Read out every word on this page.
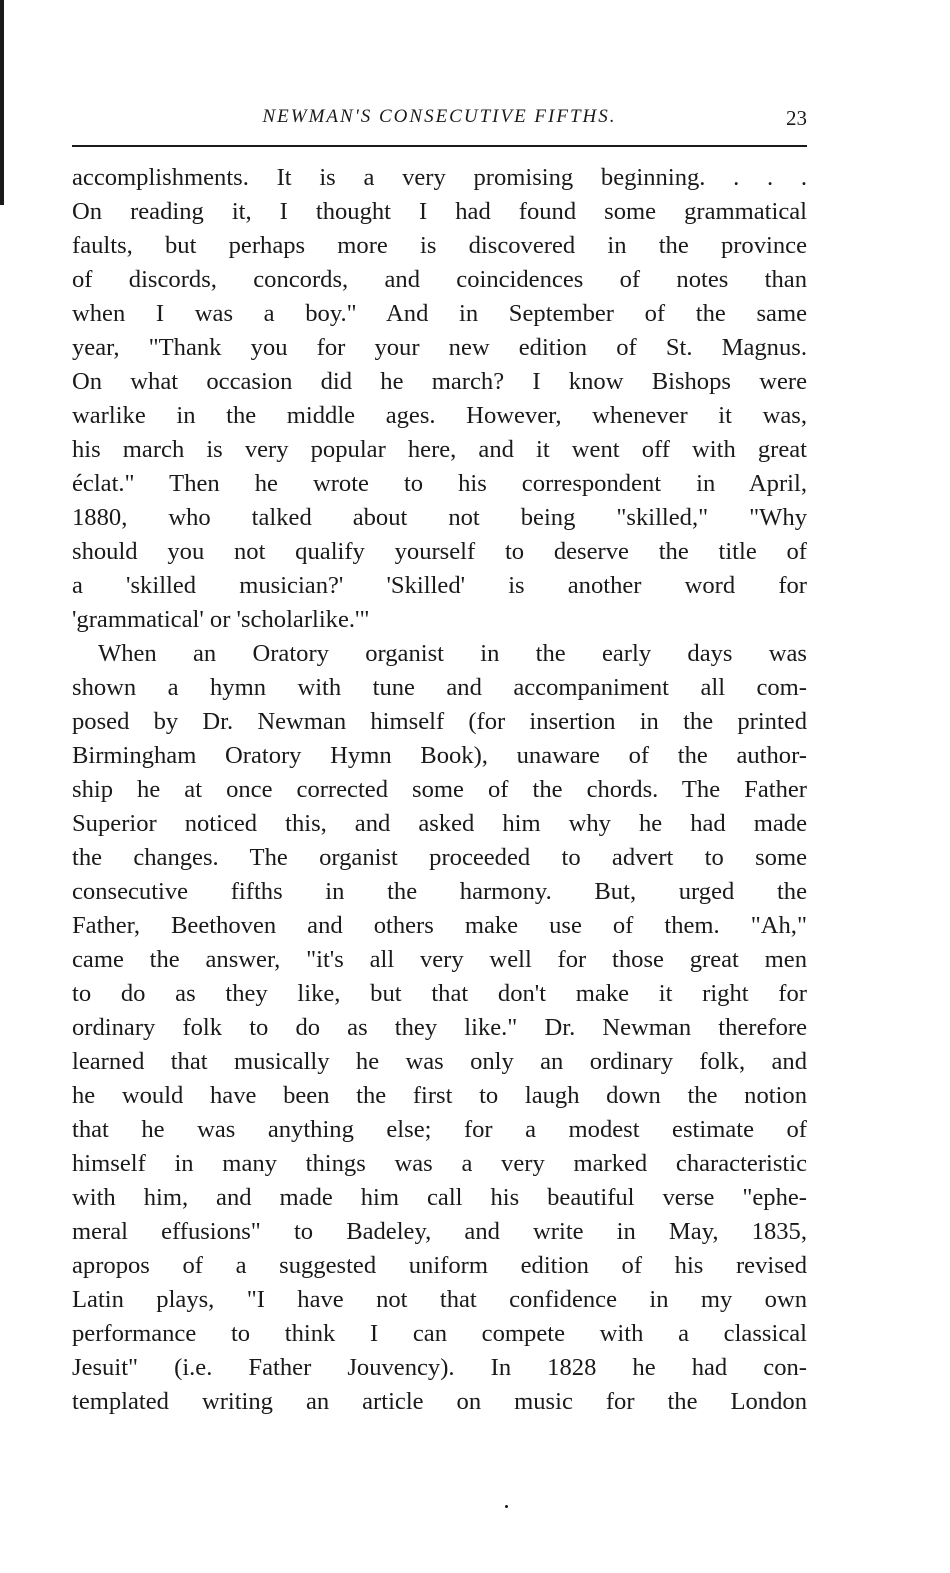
NEWMAN'S CONSECUTIVE FIFTHS.	23
accomplishments. It is a very promising beginning. . . .
On reading it, I thought I had found some grammatical
faults, but perhaps more is discovered in the province
of discords, concords, and coincidences of notes than
when I was a boy." And in September of the same
year, "Thank you for your new edition of St. Magnus.
On what occasion did he march? I know Bishops were
warlike in the middle ages. However, whenever it was,
his march is very popular here, and it went off with great
éclat." Then he wrote to his correspondent in April,
1880, who talked about not being "skilled," "Why
should you not qualify yourself to deserve the title of
a 'skilled musician?' 'Skilled' is another word for
'grammatical' or 'scholarlike.'"
When an Oratory organist in the early days was
shown a hymn with tune and accompaniment all com-
posed by Dr. Newman himself (for insertion in the printed
Birmingham Oratory Hymn Book), unaware of the author-
ship he at once corrected some of the chords. The Father
Superior noticed this, and asked him why he had made
the changes. The organist proceeded to advert to some
consecutive fifths in the harmony. But, urged the
Father, Beethoven and others make use of them. "Ah,"
came the answer, "it's all very well for those great men
to do as they like, but that don't make it right for
ordinary folk to do as they like." Dr. Newman therefore
learned that musically he was only an ordinary folk, and
he would have been the first to laugh down the notion
that he was anything else; for a modest estimate of
himself in many things was a very marked characteristic
with him, and made him call his beautiful verse "ephe-
meral effusions" to Badeley, and write in May, 1835,
apropos of a suggested uniform edition of his revised
Latin plays, "I have not that confidence in my own
performance to think I can compete with a classical
Jesuit" (i.e. Father Jouvency). In 1828 he had con-
templated writing an article on music for the London
